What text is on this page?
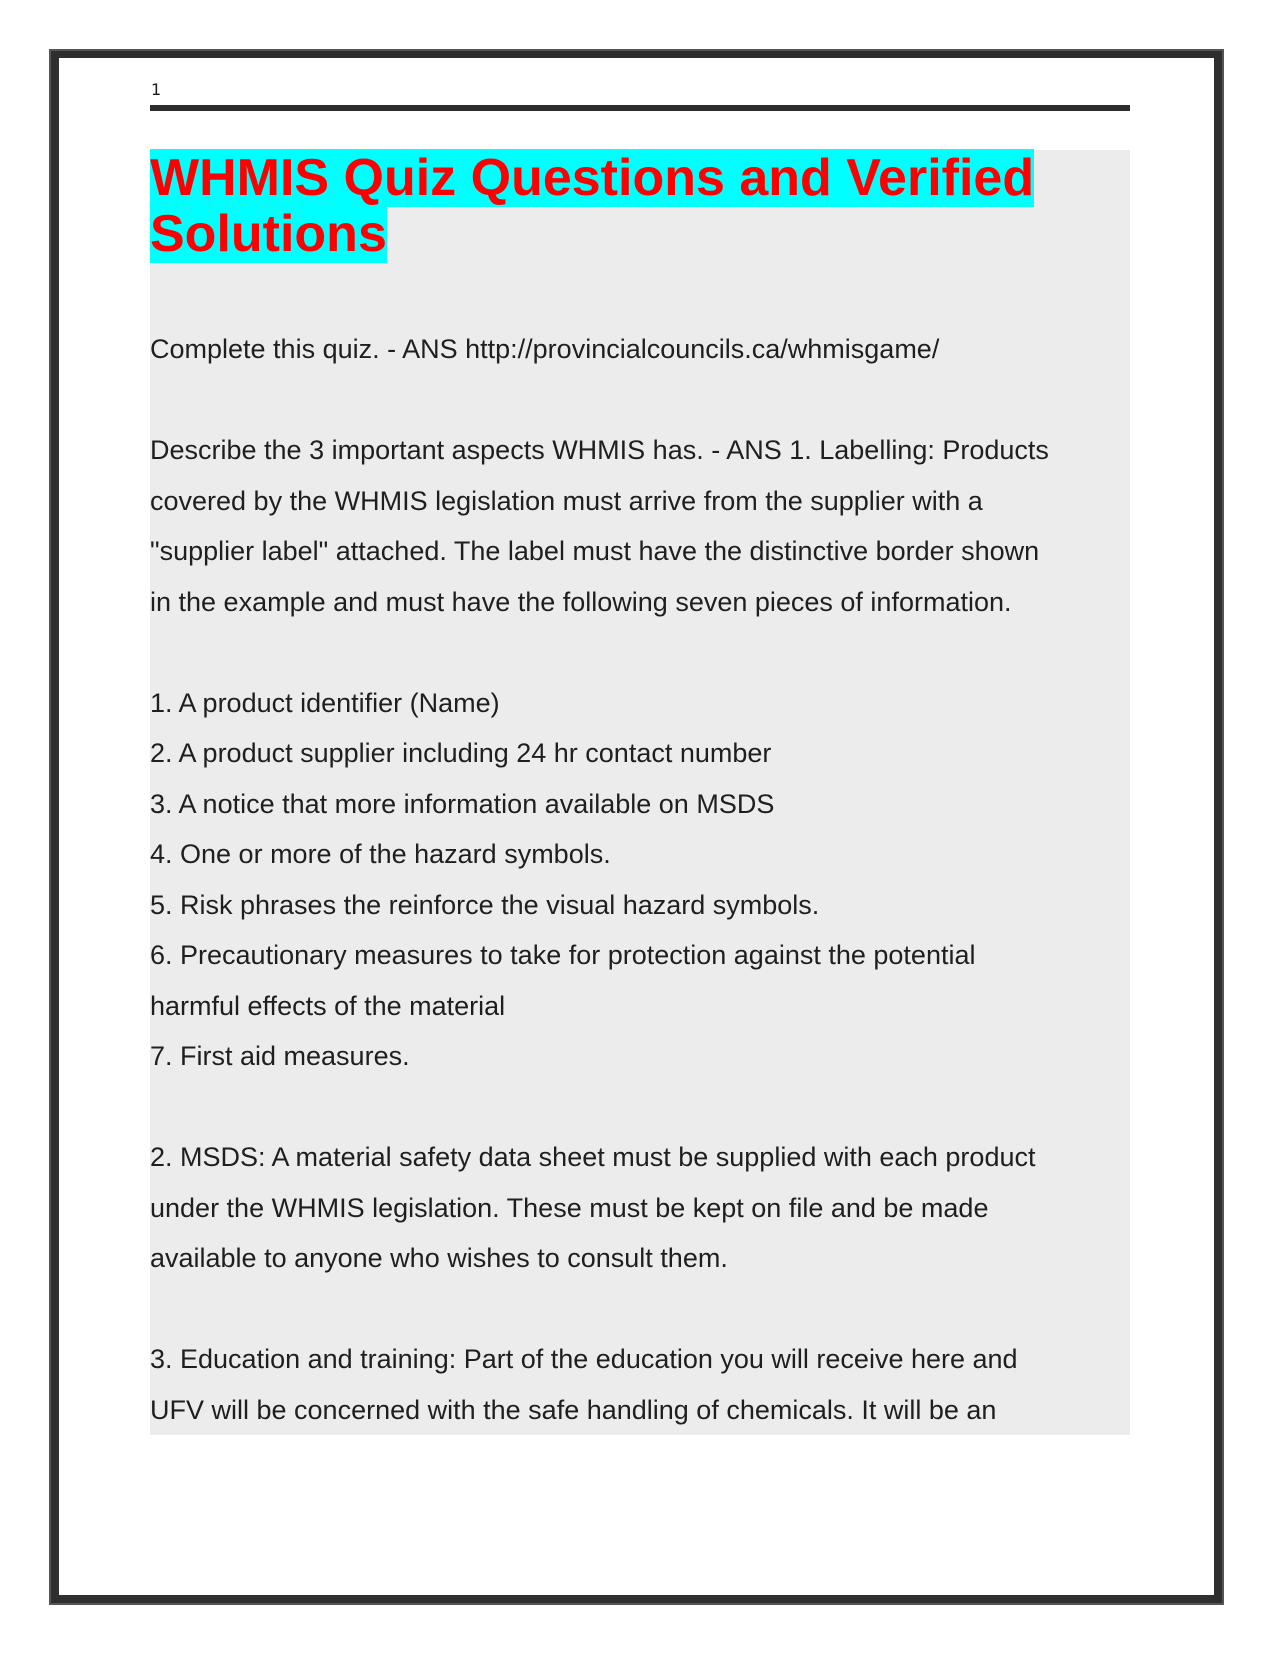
1
WHMIS Quiz Questions and Verified Solutions
Complete this quiz. - ANS http://provincialcouncils.ca/whmisgame/
Describe the 3 important aspects WHMIS has. - ANS 1. Labelling: Products
covered by the WHMIS legislation must arrive from the supplier with a
"supplier label" attached. The label must have the distinctive border shown
in the example and must have the following seven pieces of information.
1. A product identifier (Name)
2. A product supplier including 24 hr contact number
3. A notice that more information available on MSDS
4. One or more of the hazard symbols.
5. Risk phrases the reinforce the visual hazard symbols.
6. Precautionary measures to take for protection against the potential
harmful effects of the material
7. First aid measures.
2. MSDS: A material safety data sheet must be supplied with each product
under the WHMIS legislation. These must be kept on file and be made
available to anyone who wishes to consult them.
3. Education and training: Part of the education you will receive here and
UFV will be concerned with the safe handling of chemicals. It will be an
